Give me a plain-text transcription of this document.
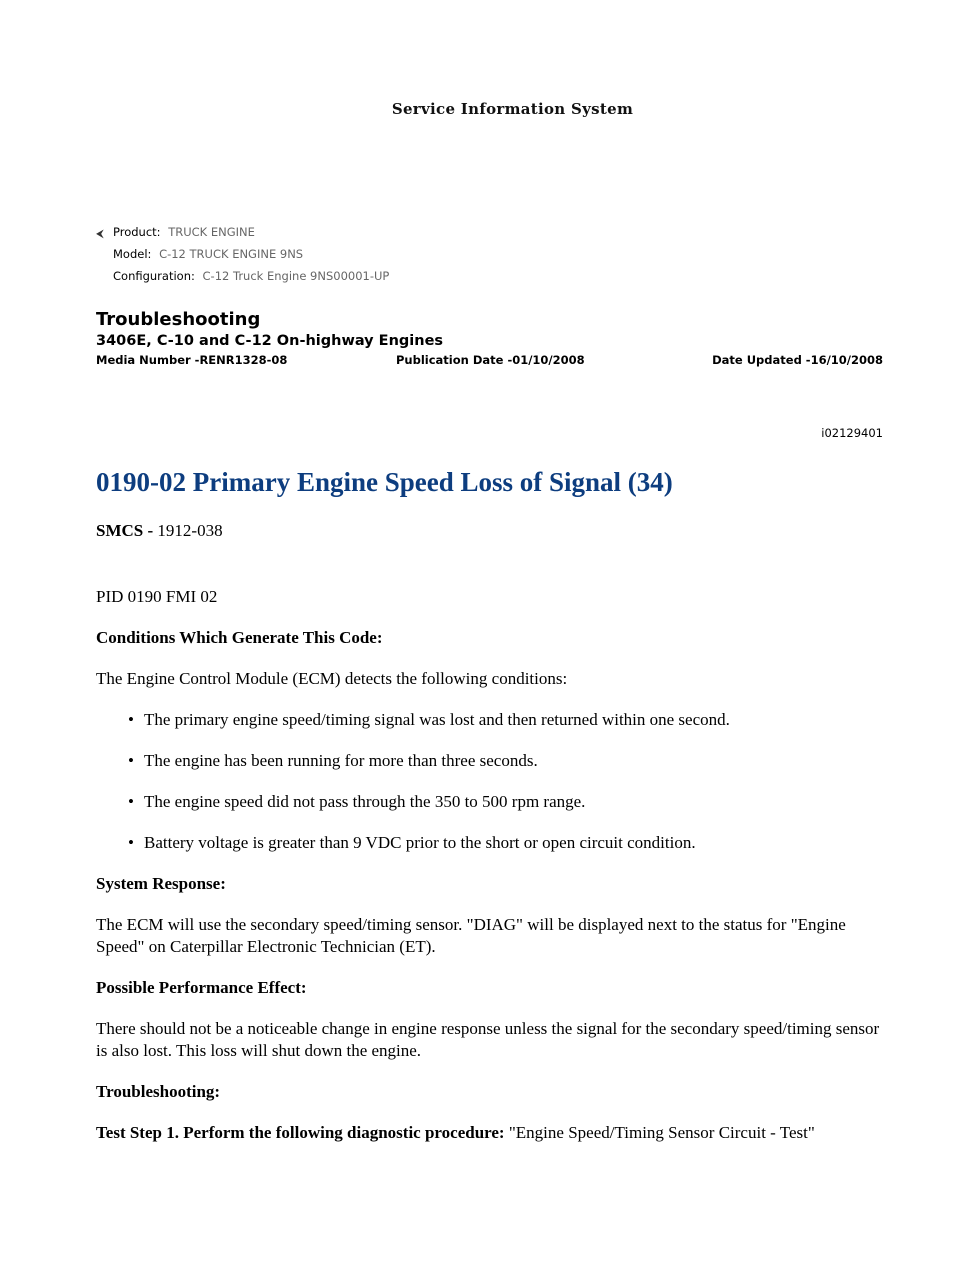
Service Information System
⮜ Product: TRUCK ENGINE
Model: C-12 TRUCK ENGINE 9NS
Configuration: C-12 Truck Engine 9NS00001-UP
Troubleshooting
3406E, C-10 and C-12 On-highway Engines
Media Number -RENR1328-08	Publication Date -01/10/2008	Date Updated -16/10/2008
i02129401
0190-02 Primary Engine Speed Loss of Signal (34)

SMCS - 1912-038

PID 0190 FMI 02

Conditions Which Generate This Code:

The Engine Control Module (ECM) detects the following conditions:

• The primary engine speed/timing signal was lost and then returned within one second.
• The engine has been running for more than three seconds.
• The engine speed did not pass through the 350 to 500 rpm range.
• Battery voltage is greater than 9 VDC prior to the short or open circuit condition.

System Response:

The ECM will use the secondary speed/timing sensor. "DIAG" will be displayed next to the status for "Engine Speed" on Caterpillar Electronic Technician (ET).

Possible Performance Effect:

There should not be a noticeable change in engine response unless the signal for the secondary speed/timing sensor is also lost. This loss will shut down the engine.

Troubleshooting:

Test Step 1. Perform the following diagnostic procedure: "Engine Speed/Timing Sensor Circuit - Test"
